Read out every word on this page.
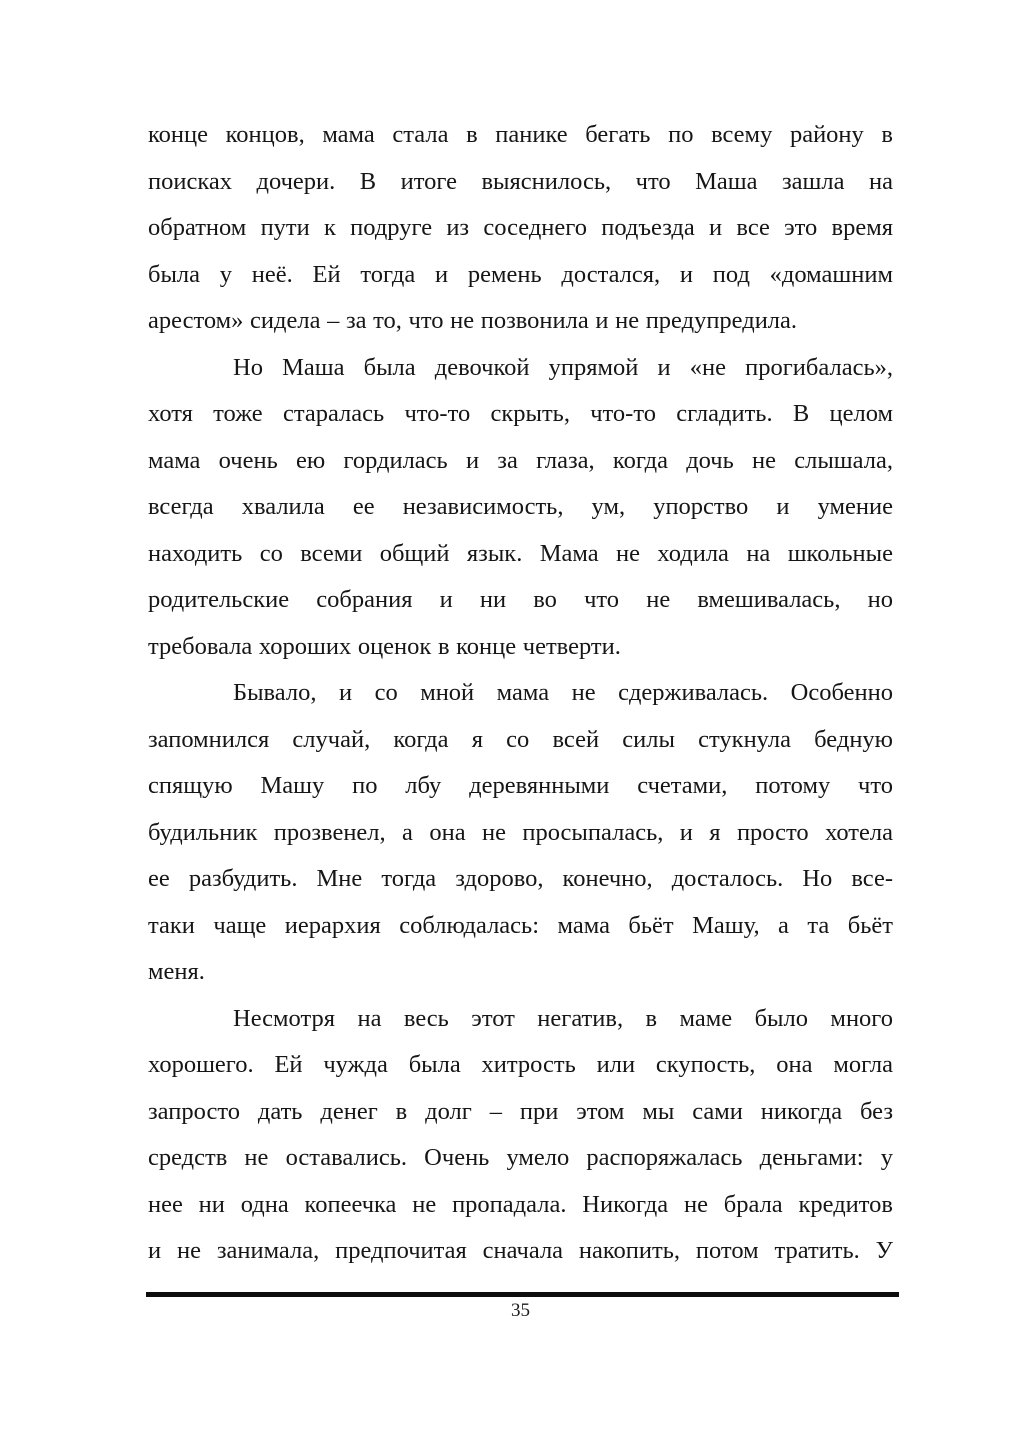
конце концов, мама стала в панике бегать по всему району в
поисках дочери. В итоге выяснилось, что Маша зашла на
обратном пути к подруге из соседнего подъезда и все это время
была у неё. Ей тогда и ремень достался, и под «домашним
арестом» сидела – за то, что не позвонила и не предупредила.

Но Маша была девочкой упрямой и «не прогибалась»,
хотя тоже старалась что-то скрыть, что-то сгладить. В целом
мама очень ею гордилась и за глаза, когда дочь не слышала,
всегда хвалила ее независимость, ум, упорство и умение
находить со всеми общий язык. Мама не ходила на школьные
родительские собрания и ни во что не вмешивалась, но
требовала хороших оценок в конце четверти.

Бывало, и со мной мама не сдерживалась. Особенно
запомнился случай, когда я со всей силы стукнула бедную
спящую Машу по лбу деревянными счетами, потому что
будильник прозвенел, а она не просыпалась, и я просто хотела
ее разбудить. Мне тогда здорово, конечно, досталось. Но все-
таки чаще иерархия соблюдалась: мама бьёт Машу, а та бьёт
меня.

Несмотря на весь этот негатив, в маме было много
хорошего. Ей чужда была хитрость или скупость, она могла
запросто дать денег в долг – при этом мы сами никогда без
средств не оставались. Очень умело распоряжалась деньгами: у
нее ни одна копеечка не пропадала. Никогда не брала кредитов
и не занимала, предпочитая сначала накопить, потом тратить. У

35
